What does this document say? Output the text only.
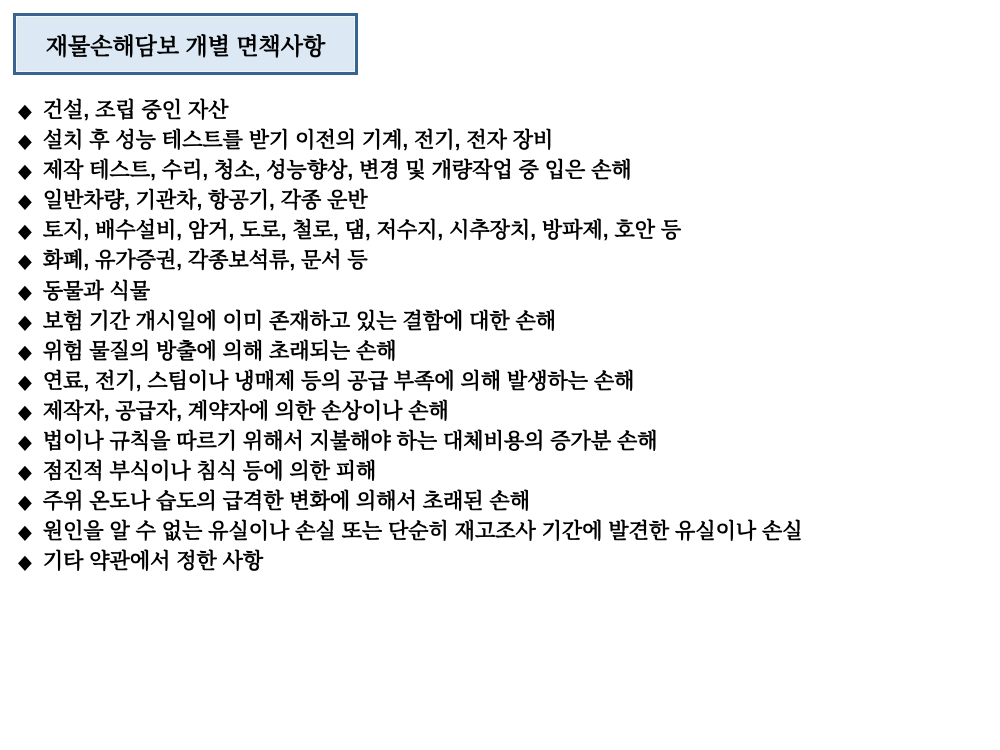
재물손해담보 개별 면책사항
◆ 건설, 조립 중인 자산
◆ 설치 후 성능 테스트를 받기 이전의 기계, 전기, 전자 장비
◆ 제작 테스트, 수리, 청소, 성능향상, 변경 및 개량작업 중 입은 손해
◆ 일반차량, 기관차, 항공기, 각종 운반
◆ 토지, 배수설비, 암거, 도로, 철로, 댐, 저수지, 시추장치, 방파제, 호안 등
◆ 화폐, 유가증권, 각종보석류, 문서 등
◆ 동물과 식물
◆ 보험 기간 개시일에 이미 존재하고 있는 결함에 대한 손해
◆ 위험 물질의 방출에 의해 초래되는 손해
◆ 연료, 전기, 스팀이나 냉매제 등의 공급 부족에 의해 발생하는 손해
◆ 제작자, 공급자, 계약자에 의한 손상이나 손해
◆ 법이나 규칙을 따르기 위해서 지불해야 하는 대체비용의 증가분 손해
◆ 점진적 부식이나 침식 등에 의한 피해
◆ 주위 온도나 습도의 급격한 변화에 의해서 초래된 손해
◆ 원인을 알 수 없는 유실이나 손실 또는 단순히 재고조사 기간에 발견한 유실이나 손실
◆ 기타 약관에서 정한 사항
